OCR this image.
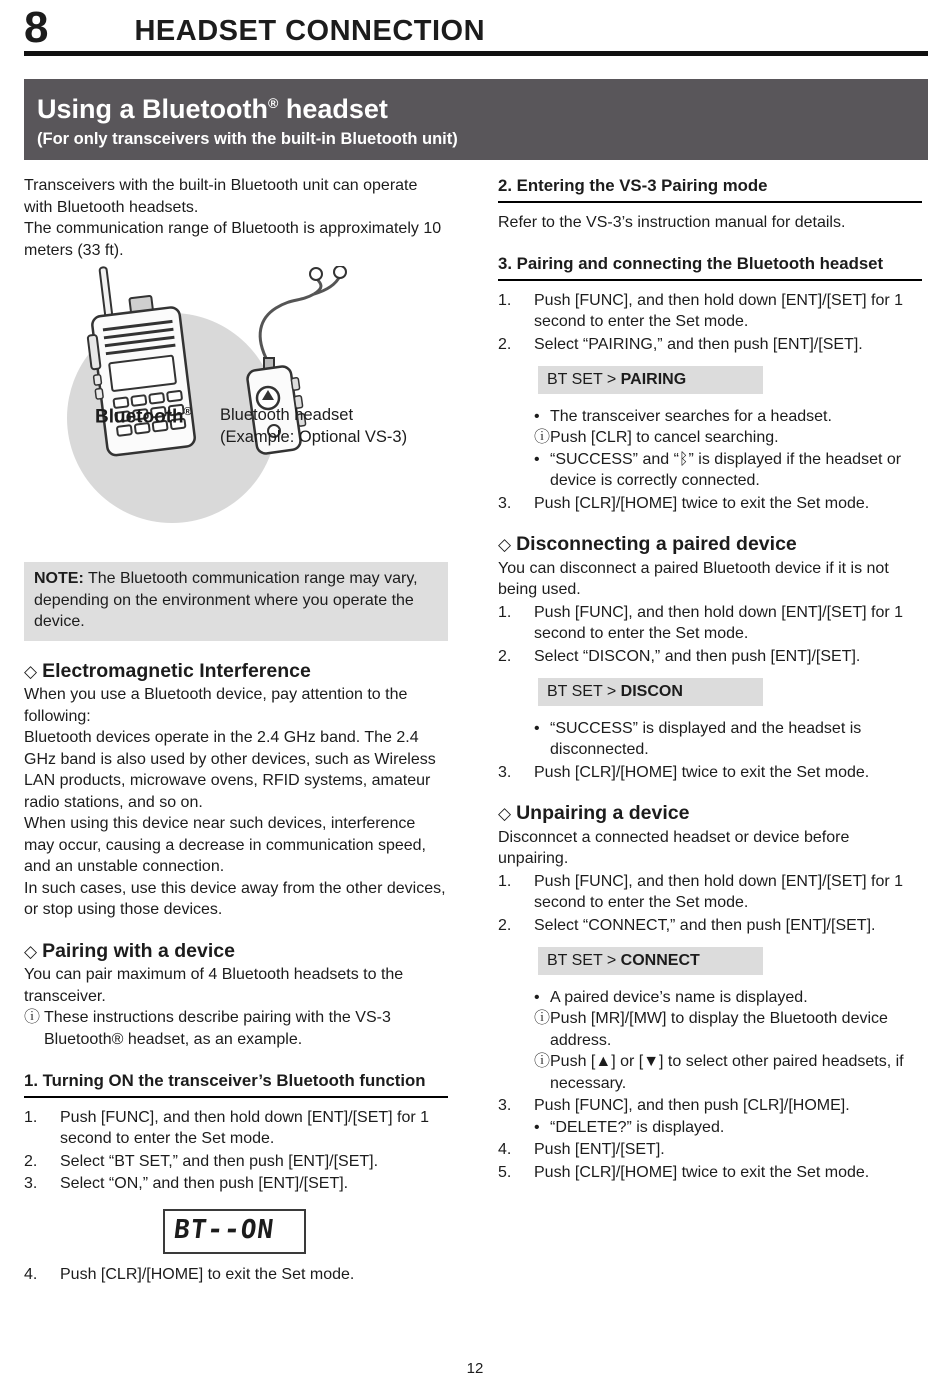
8	HEADSET CONNECTION
Using a Bluetooth® headset
(For only transceivers with the built-in Bluetooth unit)

Transceivers with the built-in Bluetooth unit can operate with Bluetooth headsets.

The communication range of Bluetooth is approximately 10 meters (33 ft).

Bluetooth® Bluetooth headset
(Example: Optional VS-3)
NOTE: The Bluetooth communication range may vary, depending on the environment where you operate the device.
◇ Electromagnetic Interference

When you use a Bluetooth device, pay attention to the following:

Bluetooth devices operate in the 2.4 GHz band. The 2.4 GHz band is also used by other devices, such as Wireless LAN products, microwave ovens, RFID systems, amateur radio stations, and so on.

When using this device near such devices, interference may occur, causing a decrease in communication speed, and an unstable connection.

In such cases, use this device away from the other devices, or stop using those devices.

◇ Pairing with a device

You can pair maximum of 4 Bluetooth headsets to the transceiver.

ⓘ These instructions describe pairing with the VS-3 Bluetooth® headset, as an example.
1. Turning ON the transceiver’s Bluetooth function
1.	Push [FUNC], and then hold down [ENT]/[SET] for 1 second to enter the Set mode.
2.	Select “BT SET,” and then push [ENT]/[SET].
3.	Select “ON,” and then push [ENT]/[SET].
BT--ON
4.	Push [CLR]/[HOME] to exit the Set mode.
2. Entering the VS-3 Pairing mode

Refer to the VS-3’s instruction manual for details.

3. Pairing and connecting the Bluetooth headset
1.	Push [FUNC], and then hold down [ENT]/[SET] for 1 second to enter the Set mode.
2.	Select “PAIRING,” and then push [ENT]/[SET].
BT SET > PAIRING
• The transceiver searches for a headset.
ⓘ Push [CLR] to cancel searching.
• “SUCCESS” and “ᛒ” is displayed if the headset or device is correctly connected.
3.	Push [CLR]/[HOME] twice to exit the Set mode.
◇ Disconnecting a paired device

You can disconnect a paired Bluetooth device if it is not being used.

1.	Push [FUNC], and then hold down [ENT]/[SET] for 1 second to enter the Set mode.
2.	Select “DISCON,” and then push [ENT]/[SET].
BT SET > DISCON
• “SUCCESS” is displayed and the headset is disconnected.
3.	Push [CLR]/[HOME] twice to exit the Set mode.
◇ Unpairing a device

Disconncet a connected headset or device before unpairing.

1.	Push [FUNC], and then hold down [ENT]/[SET] for 1 second to enter the Set mode.
2.	Select “CONNECT,” and then push [ENT]/[SET].
BT SET > CONNECT
• A paired device’s name is displayed.
ⓘ Push [MR]/[MW] to display the Bluetooth device address.
ⓘ Push [▲] or [▼] to select other paired headsets, if necessary.
3.	Push [FUNC], and then push [CLR]/[HOME].
• “DELETE?” is displayed.
4.	Push [ENT]/[SET].
5.	Push [CLR]/[HOME] twice to exit the Set mode.
12
